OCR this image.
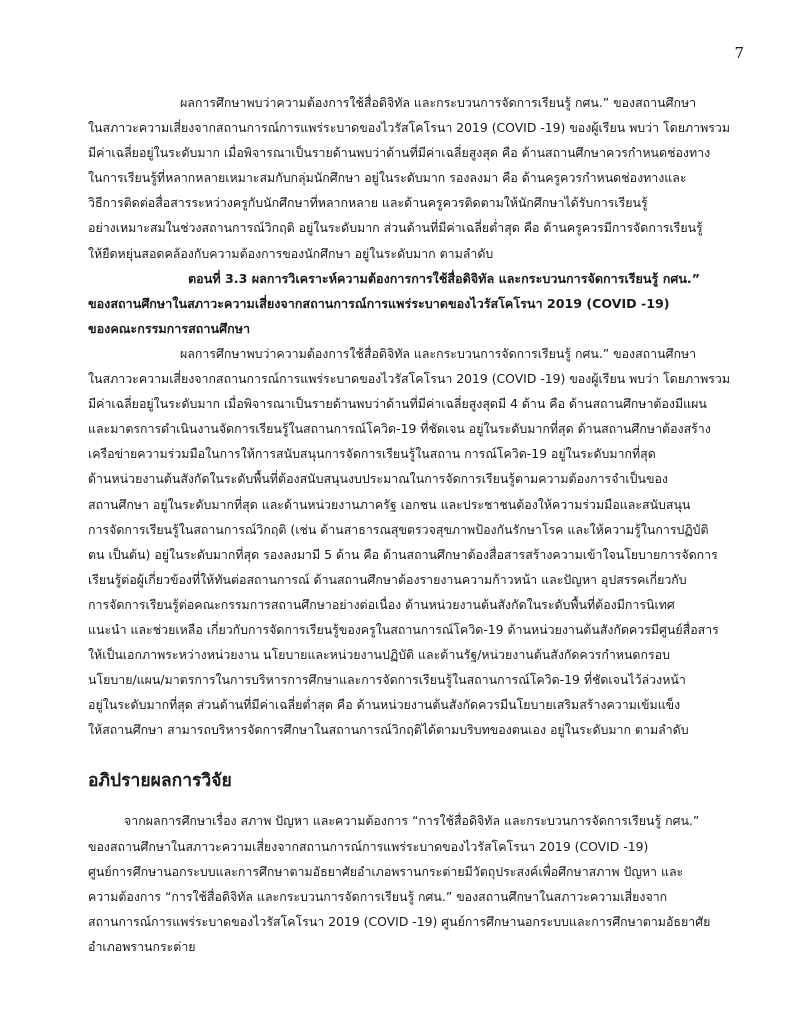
7
ผลการศึกษาพบว่าความต้องการใช้สื่อดิจิทัล และกระบวนการจัดการเรียนรู้ กศน.” ของสถานศึกษา
ในสภาวะความเสี่ยงจากสถานการณ์การแพร่ระบาดของไวรัสโคโรนา 2019 (COVID -19) ของผู้เรียน พบว่า โดยภาพรวม
มีค่าเฉลี่ยอยู่ในระดับมาก เมื่อพิจารณาเป็นรายด้านพบว่าด้านที่มีค่าเฉลี่ยสูงสุด คือ ด้านสถานศึกษาควรกำหนดช่องทาง
ในการเรียนรู้ที่หลากหลายเหมาะสมกับกลุ่มนักศึกษา อยู่ในระดับมาก รองลงมา คือ ด้านครูควรกำหนดช่องทางและ
วิธีการติดต่อสื่อสารระหว่างครูกับนักศึกษาที่หลากหลาย และด้านครูควรติดตามให้นักศึกษาได้รับการเรียนรู้
อย่างเหมาะสมในช่วงสถานการณ์วิกฤติ อยู่ในระดับมาก ส่วนด้านที่มีค่าเฉลี่ยต่ำสุด คือ ด้านครูควรมีการจัดการเรียนรู้
ให้ยืดหยุ่นสอดคล้องกับความต้องการของนักศึกษา อยู่ในระดับมาก ตามลำดับ
ตอนที่ 3.3 ผลการวิเคราะห์ความต้องการการใช้สื่อดิจิทัล และกระบวนการจัดการเรียนรู้ กศน.”
ของสถานศึกษาในสภาวะความเสี่ยงจากสถานการณ์การแพร่ระบาดของไวรัสโคโรนา 2019 (COVID -19)
ของคณะกรรมการสถานศึกษา
ผลการศึกษาพบว่าความต้องการใช้สื่อดิจิทัล และกระบวนการจัดการเรียนรู้ กศน.” ของสถานศึกษา
ในสภาวะความเสี่ยงจากสถานการณ์การแพร่ระบาดของไวรัสโคโรนา 2019 (COVID -19) ของผู้เรียน พบว่า โดยภาพรวม
มีค่าเฉลี่ยอยู่ในระดับมาก เมื่อพิจารณาเป็นรายด้านพบว่าด้านที่มีค่าเฉลี่ยสูงสุดมี 4 ด้าน คือ ด้านสถานศึกษาต้องมีแผน
และมาตรการดำเนินงานจัดการเรียนรู้ในสถานการณ์โควิด-19 ที่ชัดเจน อยู่ในระดับมากที่สุด ด้านสถานศึกษาต้องสร้าง
เครือข่ายความร่วมมือในการให้การสนับสนุนการจัดการเรียนรู้ในสถาน การณ์โควิด-19 อยู่ในระดับมากที่สุด
ด้านหน่วยงานต้นสังกัดในระดับพื้นที่ต้องสนับสนุนงบประมาณในการจัดการเรียนรู้ตามความต้องการจำเป็นของ
สถานศึกษา อยู่ในระดับมากที่สุด และด้านหน่วยงานภาครัฐ เอกชน และประชาชนต้องให้ความร่วมมือและสนับสนุน
การจัดการเรียนรู้ในสถานการณ์วิกฤติ (เช่น ด้านสาธารณสุขตรวจสุขภาพป้องกันรักษาโรค และให้ความรู้ในการปฏิบัติ
ตน เป็นต้น) อยู่ในระดับมากที่สุด รองลงมามี 5 ด้าน คือ ด้านสถานศึกษาต้องสื่อสารสร้างความเข้าใจนโยบายการจัดการ
เรียนรู้ต่อผู้เกี่ยวข้องที่ให้ทันต่อสถานการณ์ ด้านสถานศึกษาต้องรายงานความก้าวหน้า และปัญหา อุปสรรคเกี่ยวกับ
การจัดการเรียนรู้ต่อคณะกรรมการสถานศึกษาอย่างต่อเนื่อง ด้านหน่วยงานต้นสังกัดในระดับพื้นที่ต้องมีการนิเทศ
แนะนำ และช่วยเหลือ เกี่ยวกับการจัดการเรียนรู้ของครูในสถานการณ์โควิด-19 ด้านหน่วยงานต้นสังกัดควรมีศูนย์สื่อสาร
ให้เป็นเอกภาพระหว่างหน่วยงาน นโยบายและหน่วยงานปฏิบัติ และด้านรัฐ/หน่วยงานต้นสังกัดควรกำหนดกรอบ
นโยบาย/แผน/มาตรการในการบริหารการศึกษาและการจัดการเรียนรู้ในสถานการณ์โควิด-19 ที่ชัดเจนไว้ล่วงหน้า
อยู่ในระดับมากที่สุด ส่วนด้านที่มีค่าเฉลี่ยต่ำสุด คือ ด้านหน่วยงานต้นสังกัดควรมีนโยบายเสริมสร้างความเข้มแข็ง
ให้สถานศึกษา สามารถบริหารจัดการศึกษาในสถานการณ์วิกฤติได้ตามบริบทของตนเอง อยู่ในระดับมาก ตามลำดับ
อภิปรายผลการวิจัย
จากผลการศึกษาเรื่อง สภาพ ปัญหา และความต้องการ “การใช้สื่อดิจิทัล และกระบวนการจัดการเรียนรู้ กศน.”
ของสถานศึกษาในสภาวะความเสี่ยงจากสถานการณ์การแพร่ระบาดของไวรัสโคโรนา 2019 (COVID -19)
ศูนย์การศึกษานอกระบบและการศึกษาตามอัธยาศัยอำเภอพรานกระต่ายมีวัตถุประสงค์เพื่อศึกษาสภาพ ปัญหา และ
ความต้องการ “การใช้สื่อดิจิทัล และกระบวนการจัดการเรียนรู้ กศน.” ของสถานศึกษาในสภาวะความเสี่ยงจาก
สถานการณ์การแพร่ระบาดของไวรัสโคโรนา 2019 (COVID -19) ศูนย์การศึกษานอกระบบและการศึกษาตามอัธยาศัย
อำเภอพรานกระต่าย
